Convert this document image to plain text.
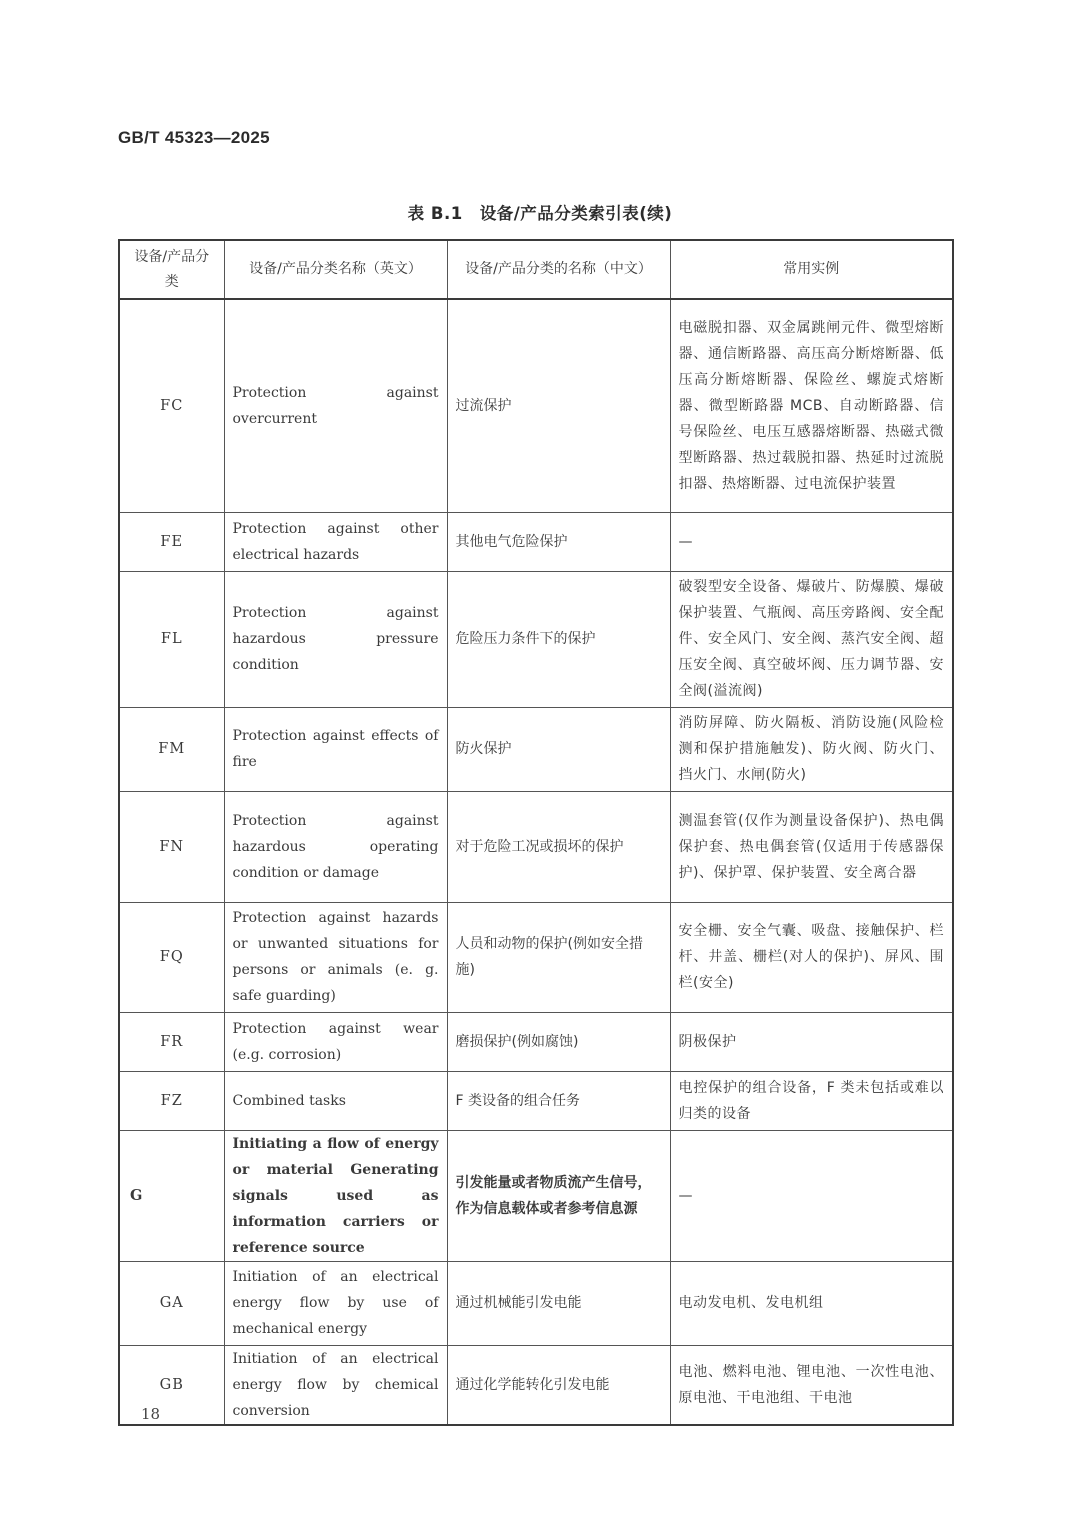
GB/T 45323—2025
表 B.1　设备/产品分类索引表(续)
设备/产品分类	设备/产品分类名称（英文）	设备/产品分类的名称（中文）	常用实例
FC	Protection against overcurrent	过流保护	电磁脱扣器、双金属跳闸元件、微型熔断器、通信断路器、高压高分断熔断器、低压高分断熔断器、保险丝、螺旋式熔断器、微型断路器 MCB、自动断路器、信号保险丝、电压互感器熔断器、热磁式微型断路器、热过载脱扣器、热延时过流脱扣器、热熔断器、过电流保护装置
FE	Protection against other electrical hazards	其他电气危险保护	—
FL	Protection against hazardous pressure condition	危险压力条件下的保护	破裂型安全设备、爆破片、防爆膜、爆破保护装置、气瓶阀、高压旁路阀、安全配件、安全风门、安全阀、蒸汽安全阀、超压安全阀、真空破坏阀、压力调节器、安全阀(溢流阀)
FM	Protection against effects of fire	防火保护	消防屏障、防火隔板、消防设施(风险检测和保护措施触发)、防火阀、防火门、挡火门、水闸(防火)
FN	Protection against hazardous operating condition or damage	对于危险工况或损坏的保护	测温套管(仅作为测量设备保护)、热电偶保护套、热电偶套管(仅适用于传感器保护)、保护罩、保护装置、安全离合器
FQ	Protection against hazards or unwanted situations for persons or animals (e. g. safe guarding)	人员和动物的保护(例如安全措施)	安全栅、安全气囊、吸盘、接触保护、栏杆、井盖、栅栏(对人的保护)、屏风、围栏(安全)
FR	Protection against wear (e.g. corrosion)	磨损保护(例如腐蚀)	阴极保护
FZ	Combined tasks	F 类设备的组合任务	电控保护的组合设备，F 类未包括或难以归类的设备
G	Initiating a flow of energy or material Generating signals used as information carriers or reference source	引发能量或者物质流产生信号，作为信息载体或者参考信息源	—
GA	Initiation of an electrical energy flow by use of mechanical energy	通过机械能引发电能	电动发电机、发电机组
GB	Initiation of an electrical energy flow by chemical conversion	通过化学能转化引发电能	电池、燃料电池、锂电池、一次性电池、原电池、干电池组、干电池
18
